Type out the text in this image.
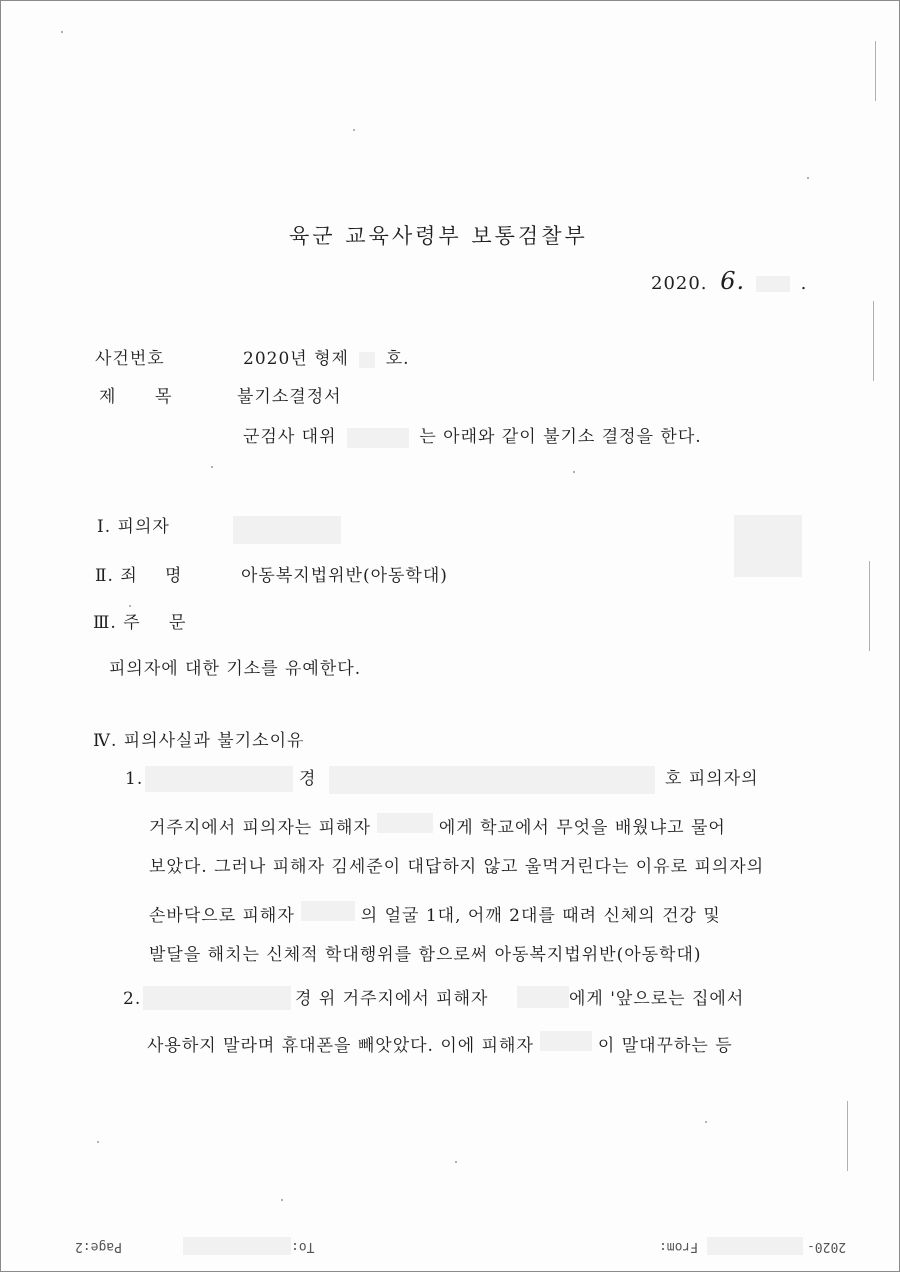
육군 교육사령부 보통검찰부
2020. 6.	.
사건번호	2020년 형제 호.
제 목	불기소결정서
군검사 대위	는 아래와 같이 불기소 결정을 한다.
Ⅰ. 피의자
Ⅱ. 죄 명	아동복지법위반(아동학대)
Ⅲ. 주 문
피의자에 대한 기소를 유예한다.
Ⅳ. 피의사실과 불기소이유
1.	경	호 피의자의
거주지에서 피의자는 피해자	에게 학교에서 무엇을 배웠냐고 물어
보았다. 그러나 피해자 김세준이 대답하지 않고 울먹거린다는 이유로 피의자의
손바닥으로 피해자	의 얼굴 1대, 어깨 2대를 때려 신체의 건강 및
발달을 해치는 신체적 학대행위를 함으로써 아동복지법위반(아동학대)
2.	경 위 거주지에서 피해자	에게 '앞으로는 집에서
사용하지 말라며 휴대폰을 빼앗았다. 이에 피해자	이 말대꾸하는 등
Page:2	To:	From:	2020-
